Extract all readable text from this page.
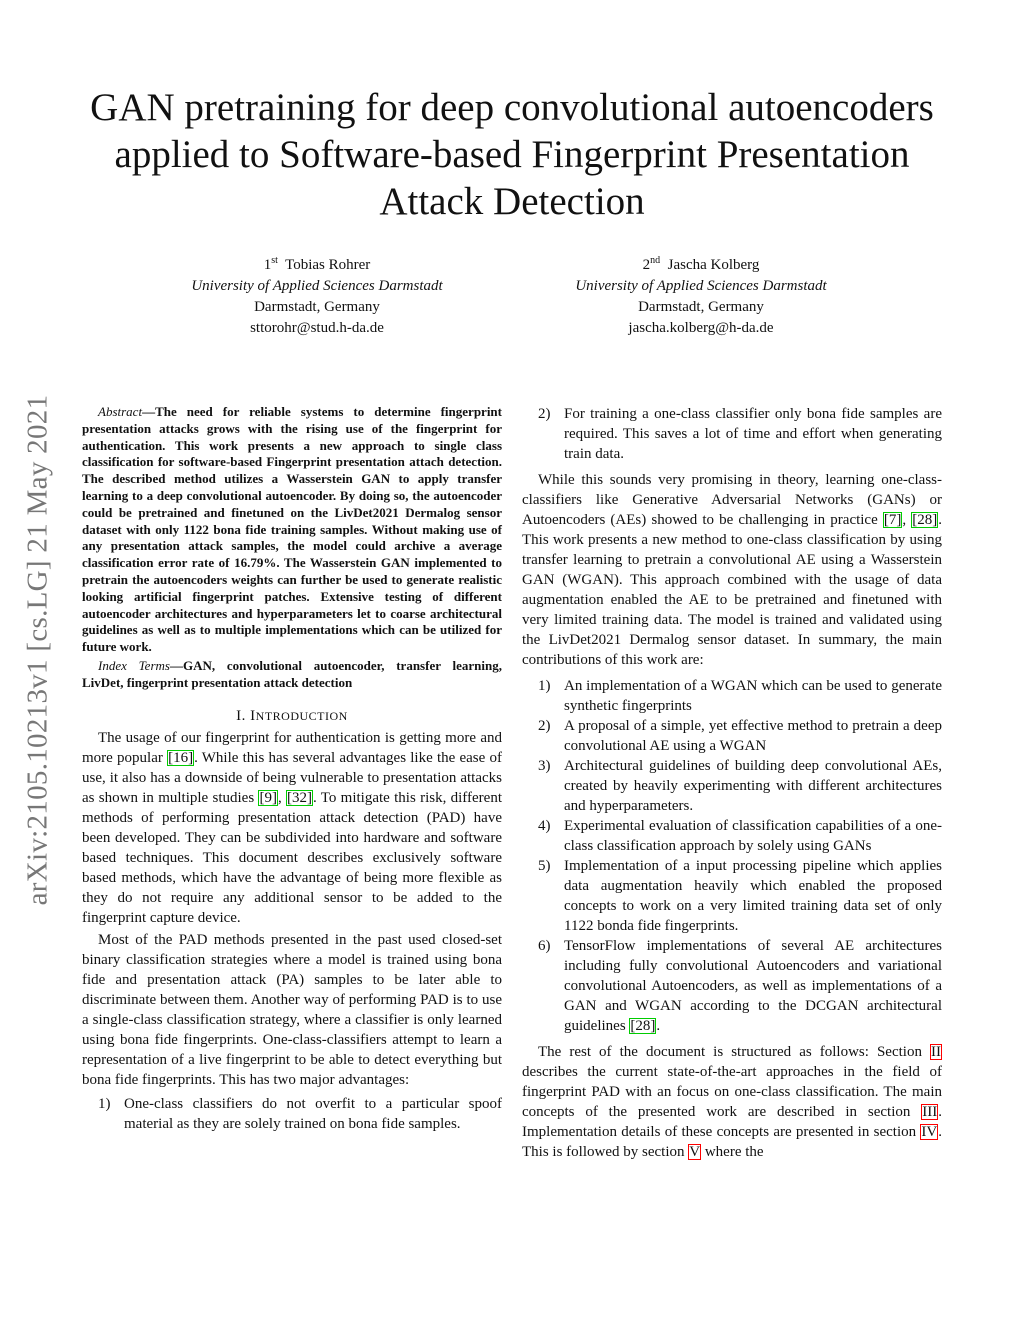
arXiv:2105.10213v1 [cs.LG] 21 May 2021
GAN pretraining for deep convolutional autoencoders applied to Software-based Fingerprint Presentation Attack Detection
1st Tobias Rohrer
University of Applied Sciences Darmstadt
Darmstadt, Germany
sttorohr@stud.h-da.de
2nd Jascha Kolberg
University of Applied Sciences Darmstadt
Darmstadt, Germany
jascha.kolberg@h-da.de

Abstract—The need for reliable systems to determine fingerprint presentation attacks grows with the rising use of the fingerprint for authentication. This work presents a new approach to single class classification for software-based Fingerprint presentation attach detection. The described method utilizes a Wasserstein GAN to apply transfer learning to a deep convolutional autoencoder. By doing so, the autoencoder could be pretrained and finetuned on the LivDet2021 Dermalog sensor dataset with only 1122 bona fide training samples. Without making use of any presentation attack samples, the model could archive a average classification error rate of 16.79%. The Wasserstein GAN implemented to pretrain the autoencoders weights can further be used to generate realistic looking artificial fingerprint patches. Extensive testing of different autoencoder architectures and hyperparameters let to coarse architectural guidelines as well as to multiple implementations which can be utilized for future work.

Index Terms—GAN, convolutional autoencoder, transfer learning, LivDet, fingerprint presentation attack detection

I. INTRODUCTION

The usage of our fingerprint for authentication is getting more and more popular [16]. While this has several advantages like the ease of use, it also has a downside of being vulnerable to presentation attacks as shown in multiple studies [9], [32]. To mitigate this risk, different methods of performing presentation attack detection (PAD) have been developed. They can be subdivided into hardware and software based techniques. This document describes exclusively software based methods, which have the advantage of being more flexible as they do not require any additional sensor to be added to the fingerprint capture device.

Most of the PAD methods presented in the past used closed-set binary classification strategies where a model is trained using bona fide and presentation attack (PA) samples to be later able to discriminate between them. Another way of performing PAD is to use a single-class classification strategy, where a classifier is only learned using bona fide fingerprints. One-class-classifiers attempt to learn a representation of a live fingerprint to be able to detect everything but bona fide fingerprints. This has two major advantages:

1) One-class classifiers do not overfit to a particular spoof material as they are solely trained on bona fide samples.
2) For training a one-class classifier only bona fide samples are required. This saves a lot of time and effort when generating train data.

While this sounds very promising in theory, learning one-class-classifiers like Generative Adversarial Networks (GANs) or Autoencoders (AEs) showed to be challenging in practice [7], [28]. This work presents a new method to one-class classification by using transfer learning to pretrain a convolutional AE using a Wasserstein GAN (WGAN). This approach combined with the usage of data augmentation enabled the AE to be pretrained and finetuned with very limited training data. The model is trained and validated using the LivDet2021 Dermalog sensor dataset. In summary, the main contributions of this work are:

1) An implementation of a WGAN which can be used to generate synthetic fingerprints
2) A proposal of a simple, yet effective method to pretrain a deep convolutional AE using a WGAN
3) Architectural guidelines of building deep convolutional AEs, created by heavily experimenting with different architectures and hyperparameters.
4) Experimental evaluation of classification capabilities of a one-class classification approach by solely using GANs
5) Implementation of a input processing pipeline which applies data augmentation heavily which enabled the proposed concepts to work on a very limited training data set of only 1122 bonda fide fingerprints.
6) TensorFlow implementations of several AE architectures including fully convolutional Autoencoders and variational convolutional Autoencoders, as well as implementations of a GAN and WGAN according to the DCGAN architectural guidelines [28].

The rest of the document is structured as follows: Section II describes the current state-of-the-art approaches in the field of fingerprint PAD with an focus on one-class classification. The main concepts of the presented work are described in section III. Implementation details of these concepts are presented in section IV. This is followed by section V where the
